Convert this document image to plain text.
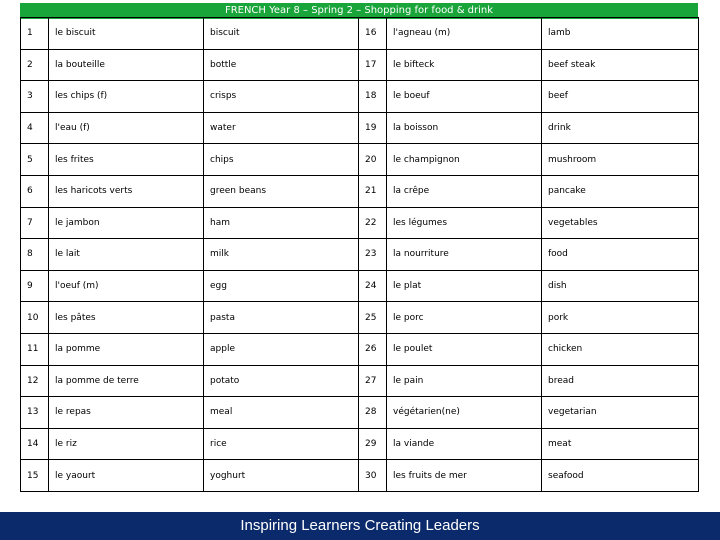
FRENCH Year 8 – Spring 2 – Shopping for food & drink
1	le biscuit	biscuit	16	l'agneau (m)	lamb
2	la bouteille	bottle	17	le bifteck	beef steak
3	les chips (f)	crisps	18	le boeuf	beef
4	l'eau (f)	water	19	la boisson	drink
5	les frites	chips	20	le champignon	mushroom
6	les haricots verts	green beans	21	la crêpe	pancake
7	le jambon	ham	22	les légumes	vegetables
8	le lait	milk	23	la nourriture	food
9	l'oeuf (m)	egg	24	le plat	dish
10	les pâtes	pasta	25	le porc	pork
11	la pomme	apple	26	le poulet	chicken
12	la pomme de terre	potato	27	le pain	bread
13	le repas	meal	28	végétarien(ne)	vegetarian
14	le riz	rice	29	la viande	meat
15	le yaourt	yoghurt	30	les fruits de mer	seafood
Inspiring Learners Creating Leaders
